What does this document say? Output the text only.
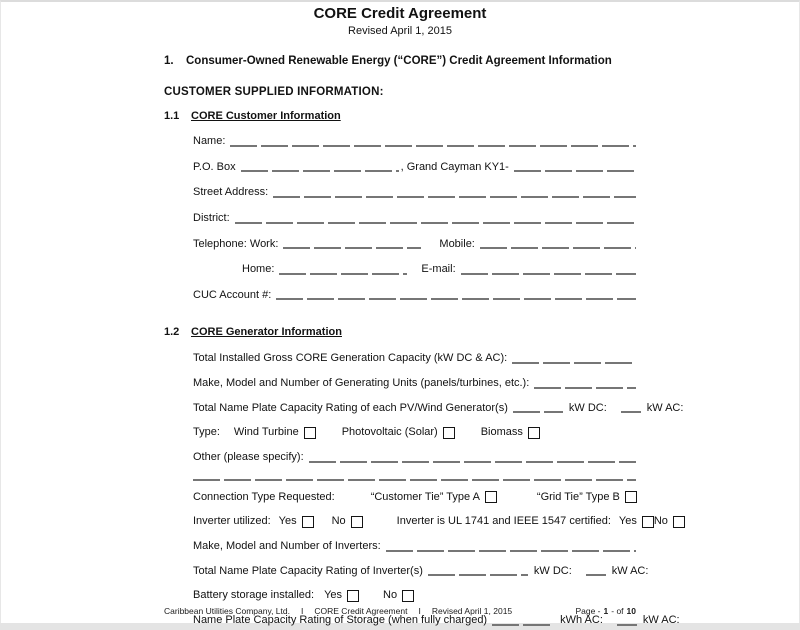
CORE Credit Agreement
Revised April 1, 2015
1.	Consumer-Owned Renewable Energy (“CORE”) Credit Agreement Information
CUSTOMER SUPPLIED INFORMATION:
1.1	CORE Customer Information
Name:
P.O. Box	, Grand Cayman KY1-
Street Address:
District:
Telephone: Work:	Mobile:
Home:	E-mail:
CUC Account #:
1.2	CORE Generator Information
Total Installed Gross CORE Generation Capacity (kW DC & AC):
Make, Model and Number of Generating Units (panels/turbines, etc.):
Total Name Plate Capacity Rating of each PV/Wind Generator(s)	kW DC:	kW AC:
Type: Wind Turbine	Photovoltaic (Solar)	Biomass
Other (please specify):
Connection Type Requested:	“Customer Tie” Type A	“Grid Tie” Type B
Inverter utilized: Yes	No	Inverter is UL 1741 and IEEE 1547 certified: Yes No
Make, Model and Number of Inverters:
Total Name Plate Capacity Rating of Inverter(s)	kW DC:	kW AC:
Battery storage installed: Yes	No
Name Plate Capacity Rating of Storage (when fully charged)	kWh AC:	kW AC:
Caribbean Utilities Company, Ltd. I CORE Credit Agreement I Revised April 1, 2015	Page - 1 - of 10
